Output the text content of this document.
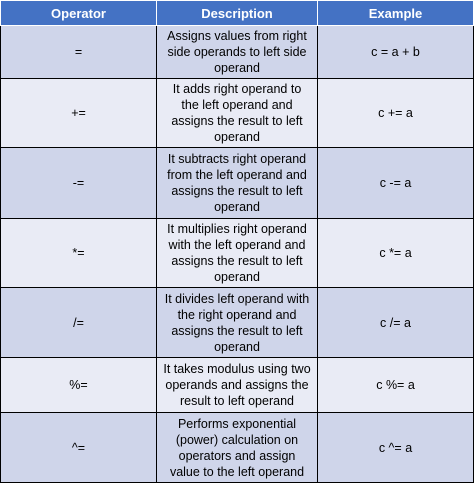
Operator	Description	Example
=	Assigns values from right side operands to left side operand	c = a + b
+=	It adds right operand to the left operand and assigns the result to left operand	c += a
-=	It subtracts right operand from the left operand and assigns the result to left operand	c -= a
*=	It multiplies right operand with the left operand and assigns the result to left operand	c *= a
/=	It divides left operand with the right operand and assigns the result to left operand	c /= a
%=	It takes modulus using two operands and assigns the result to left operand	c %= a
^=	Performs exponential (power) calculation on operators and assign value to the left operand	c ^= a
